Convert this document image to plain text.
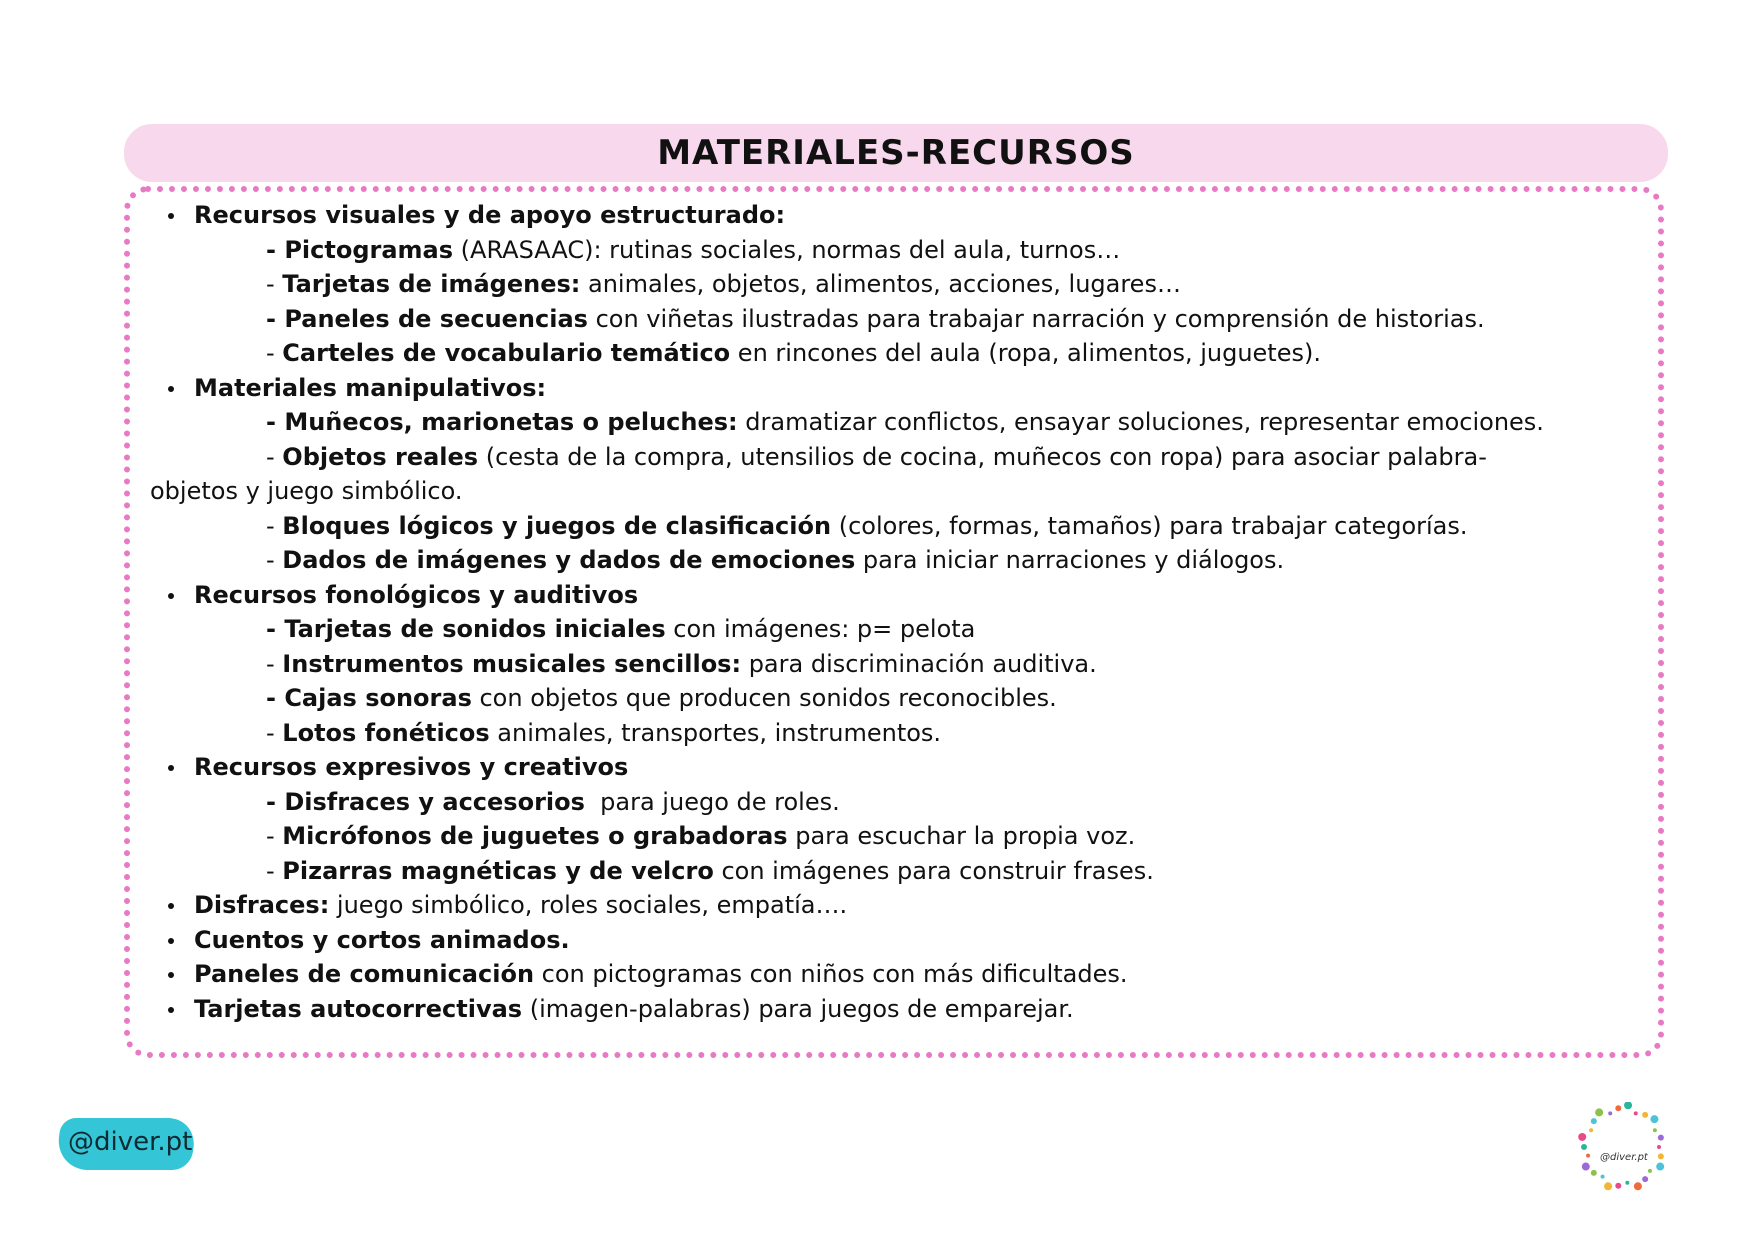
MATERIALES-RECURSOS
Recursos visuales y de apoyo estructurado:
- Pictogramas (ARASAAC): rutinas sociales, normas del aula, turnos…
- Tarjetas de imágenes: animales, objetos, alimentos, acciones, lugares…
- Paneles de secuencias con viñetas ilustradas para trabajar narración y comprensión de historias.
- Carteles de vocabulario temático en rincones del aula (ropa, alimentos, juguetes).
Materiales manipulativos:
- Muñecos, marionetas o peluches: dramatizar conflictos, ensayar soluciones, representar emociones.
- Objetos reales (cesta de la compra, utensilios de cocina, muñecos con ropa) para asociar palabra-
objetos y juego simbólico.
- Bloques lógicos y juegos de clasificación (colores, formas, tamaños) para trabajar categorías.
- Dados de imágenes y dados de emociones para iniciar narraciones y diálogos.
Recursos fonológicos y auditivos
- Tarjetas de sonidos iniciales con imágenes: p= pelota
- Instrumentos musicales sencillos: para discriminación auditiva.
- Cajas sonoras con objetos que producen sonidos reconocibles.
- Lotos fonéticos animales, transportes, instrumentos.
Recursos expresivos y creativos
- Disfraces y accesorios  para juego de roles.
- Micrófonos de juguetes o grabadoras para escuchar la propia voz.
- Pizarras magnéticas y de velcro con imágenes para construir frases.
Disfraces: juego simbólico, roles sociales, empatía….
Cuentos y cortos animados.
Paneles de comunicación con pictogramas con niños con más dificultades.
Tarjetas autocorrectivas (imagen-palabras) para juegos de emparejar.
@diver.pt
@diver.pt
